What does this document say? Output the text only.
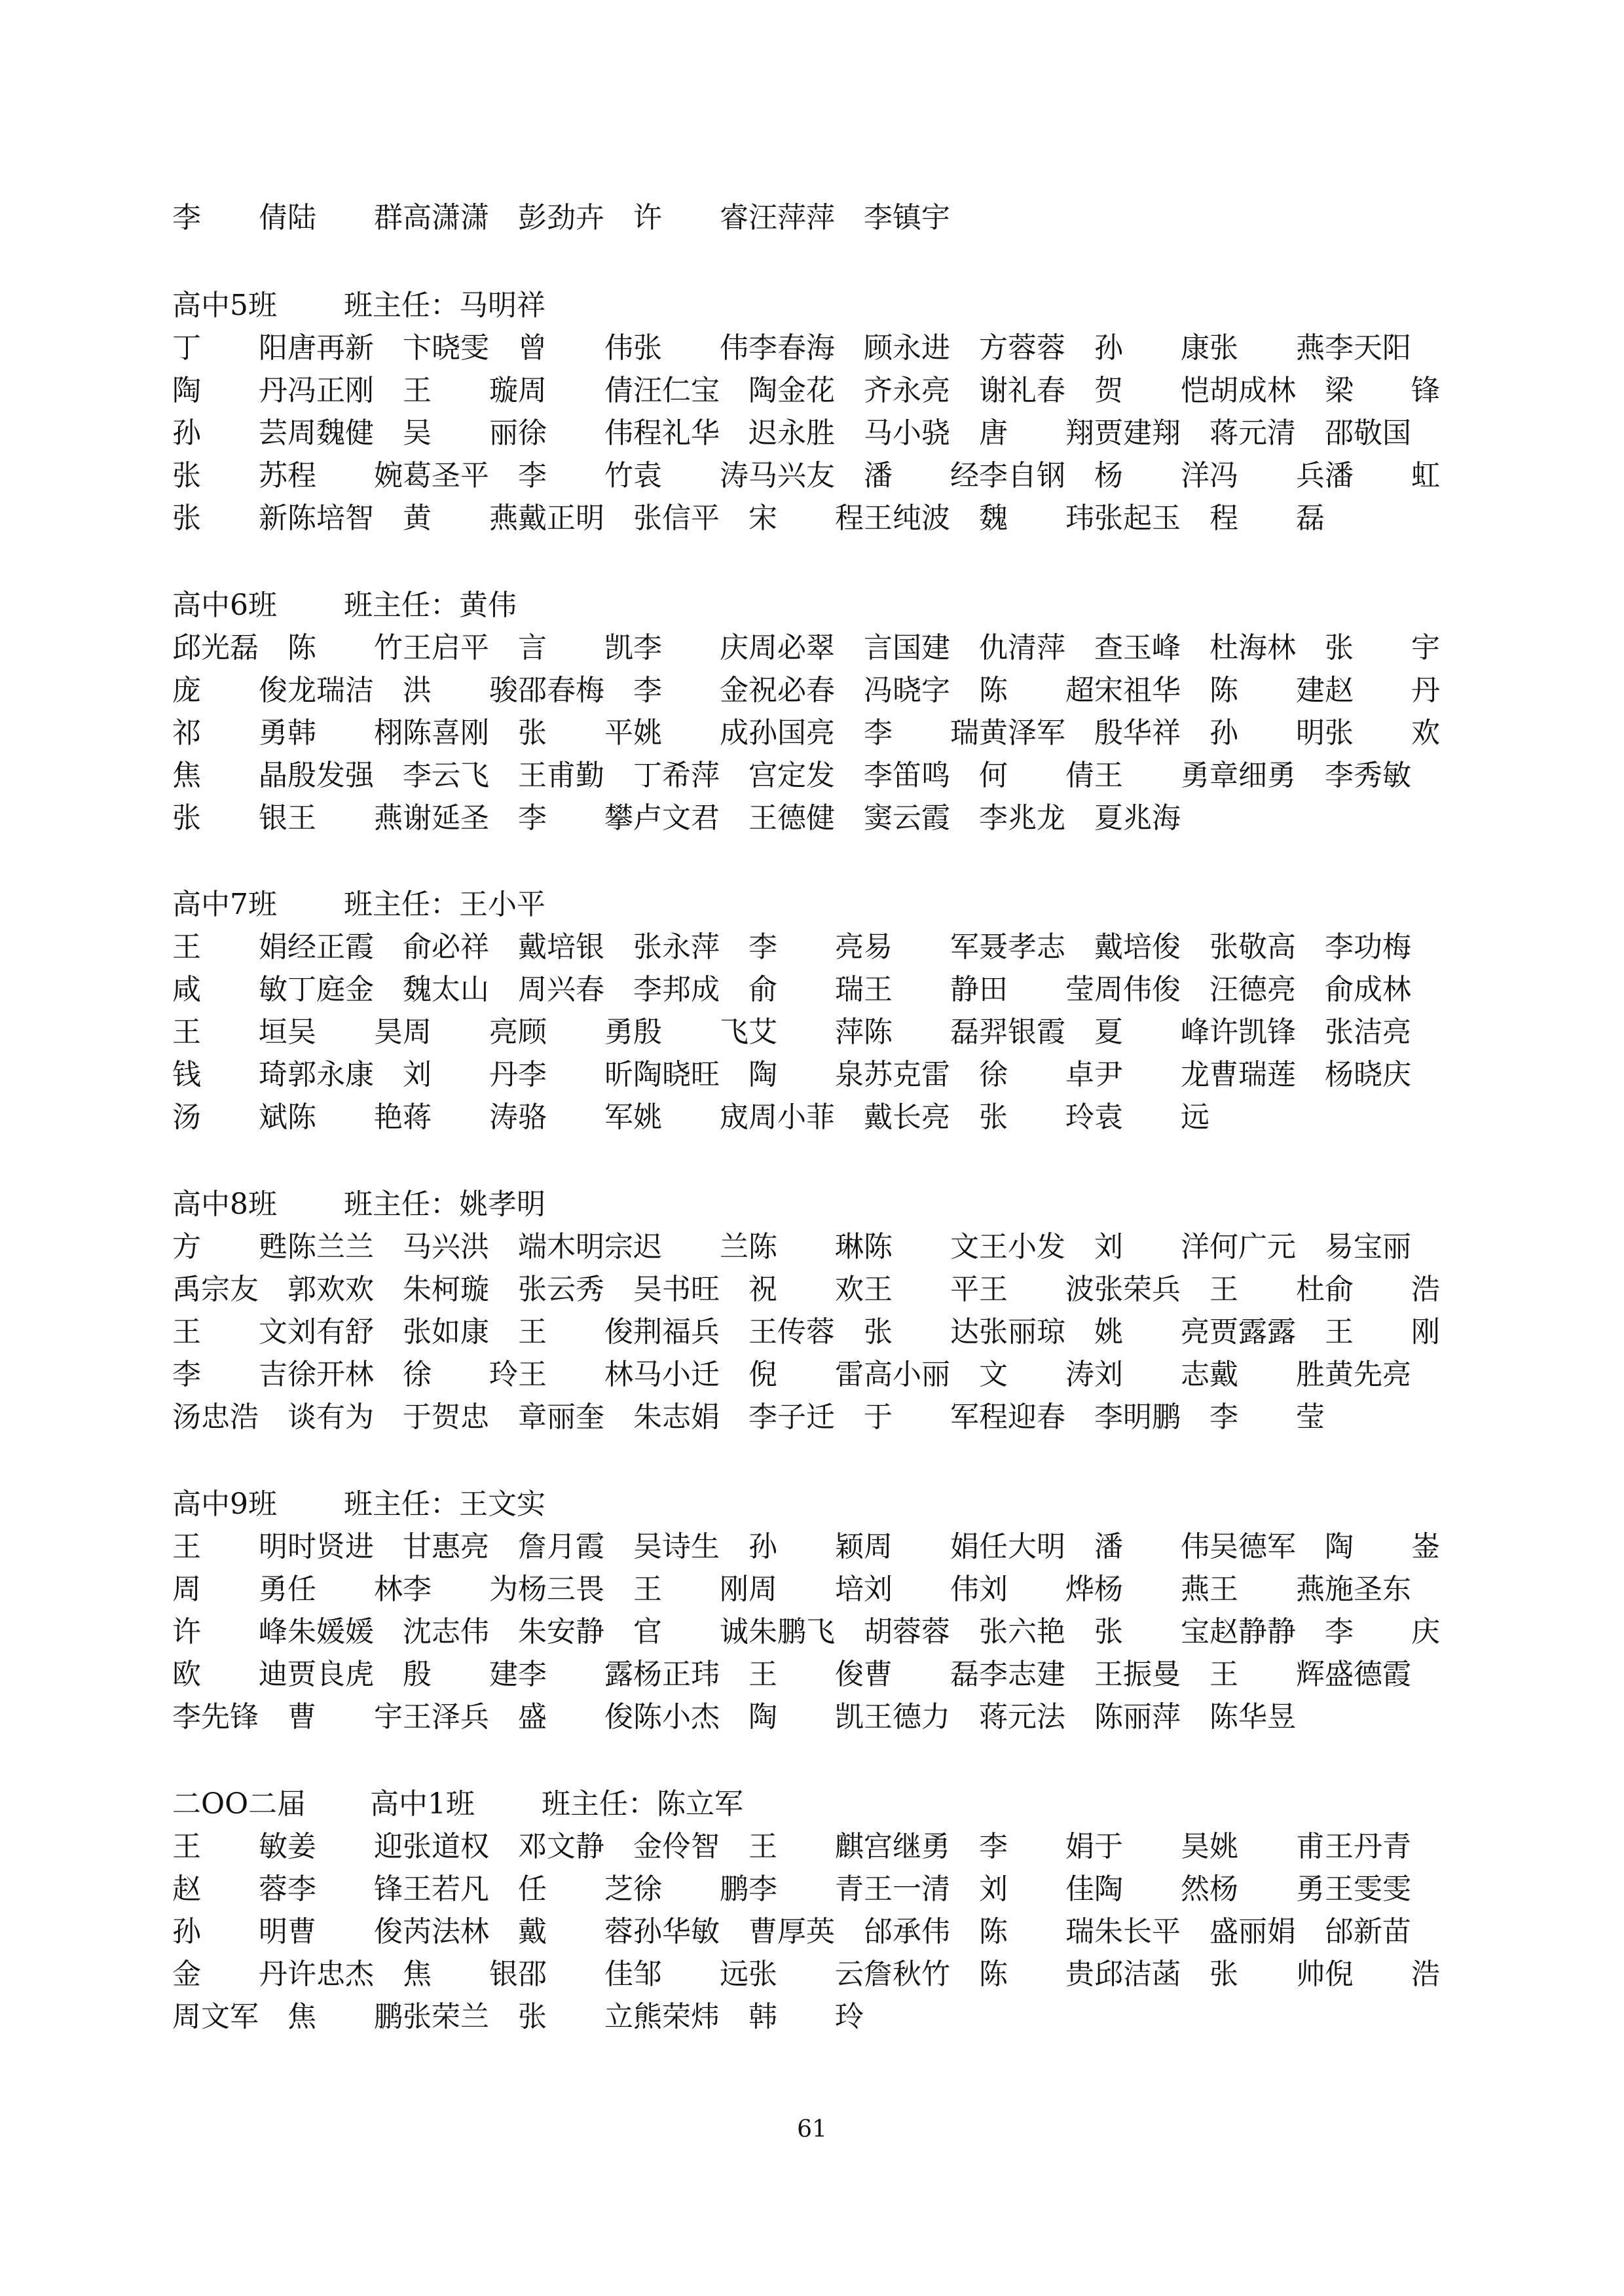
李 倩 陆 群 高潇潇 彭劲卉 许 睿 汪萍萍 李镇宇
高中5班 班主任：马明祥
丁 阳 唐再新 卞晓雯 曾 伟 张 伟 李春海 顾永进 方蓉蓉 孙 康 张 燕 李天阳
陶 丹 冯正刚 王 璇 周 倩 汪仁宝 陶金花 齐永亮 谢礼春 贺 恺 胡成林 梁 锋
孙 芸 周魏健 吴 丽 徐 伟 程礼华 迟永胜 马小骁 唐 翔 贾建翔 蒋元清 邵敬国
张 苏 程 婉 葛圣平 李 竹 袁 涛 马兴友 潘 经 李自钢 杨 洋 冯 兵 潘 虹
张 新 陈培智 黄 燕 戴正明 张信平 宋 程 王纯波 魏 玮 张起玉 程 磊
高中6班 班主任：黄伟
邱光磊 陈 竹 王启平 言 凯 李 庆 周必翠 言国建 仇清萍 查玉峰 杜海林 张 宇
庞 俊 龙瑞洁 洪 骏 邵春梅 李 金 祝必春 冯晓字 陈 超 宋祖华 陈 建 赵 丹
祁 勇 韩 栩 陈喜刚 张 平 姚 成 孙国亮 李 瑞 黄泽军 殷华祥 孙 明 张 欢
焦 晶 殷发强 李云飞 王甫勤 丁希萍 宫定发 李笛鸣 何 倩 王 勇 章细勇 李秀敏
张 银 王 燕 谢延圣 李 攀 卢文君 王德健 窦云霞 李兆龙 夏兆海
高中7班 班主任：王小平
王 娟 经正霞 俞必祥 戴培银 张永萍 李 亮 易 军 聂孝志 戴培俊 张敬高 李功梅
咸 敏 丁庭金 魏太山 周兴春 李邦成 俞 瑞 王 静 田 莹 周伟俊 汪德亮 俞成林
王 垣 吴 昊 周 亮 顾 勇 殷 飞 艾 萍 陈 磊 羿银霞 夏 峰 许凯锋 张洁亮
钱 琦 郭永康 刘 丹 李 昕 陶晓旺 陶 泉 苏克雷 徐 卓 尹 龙 曹瑞莲 杨晓庆
汤 斌 陈 艳 蒋 涛 骆 军 姚 宬 周小菲 戴长亮 张 玲 袁 远
高中8班 班主任：姚孝明
方 甦 陈兰兰 马兴洪 端木明宗 迟 兰 陈 琳 陈 文 王小发 刘 洋 何广元 易宝丽
禹宗友 郭欢欢 朱柯璇 张云秀 吴书旺 祝 欢 王 平 王 波 张荣兵 王 杜 俞 浩
王 文 刘有舒 张如康 王 俊 荆福兵 王传蓉 张 达 张丽琼 姚 亮 贾露露 王 刚
李 吉 徐开林 徐 玲 王 林 马小迁 倪 雷 高小丽 文 涛 刘 志 戴 胜 黄先亮
汤忠浩 谈有为 于贺忠 章丽奎 朱志娟 李子迁 于 军 程迎春 李明鹏 李 莹
高中9班 班主任：王文实
王 明 时贤进 甘惠亮 詹月霞 吴诗生 孙 颖 周 娟 任大明 潘 伟 吴德军 陶 崟
周 勇 任 林 李 为 杨三畏 王 刚 周 培 刘 伟 刘 烨 杨 燕 王 燕 施圣东
许 峰 朱媛媛 沈志伟 朱安静 官 诚 朱鹏飞 胡蓉蓉 张六艳 张 宝 赵静静 李 庆
欧 迪 贾良虎 殷 建 李 露 杨正玮 王 俊 曹 磊 李志建 王振曼 王 辉 盛德霞
李先锋 曹 宇 王泽兵 盛 俊 陈小杰 陶 凯 王德力 蒋元法 陈丽萍 陈华昱
二OO二届 高中1班 班主任：陈立军
王 敏 姜 迎 张道权 邓文静 金伶智 王 麒 宫继勇 李 娟 于 昊 姚 甫 王丹青
赵 蓉 李 锋 王若凡 任 芝 徐 鹏 李 青 王一清 刘 佳 陶 然 杨 勇 王雯雯
孙 明 曹 俊 芮法林 戴 蓉 孙华敏 曹厚英 邰承伟 陈 瑞 朱长平 盛丽娟 邰新苗
金 丹 许忠杰 焦 银 邵 佳 邹 远 张 云 詹秋竹 陈 贵 邱洁菡 张 帅 倪 浩
周文军 焦 鹏 张荣兰 张 立 熊荣炜 韩 玲
61
